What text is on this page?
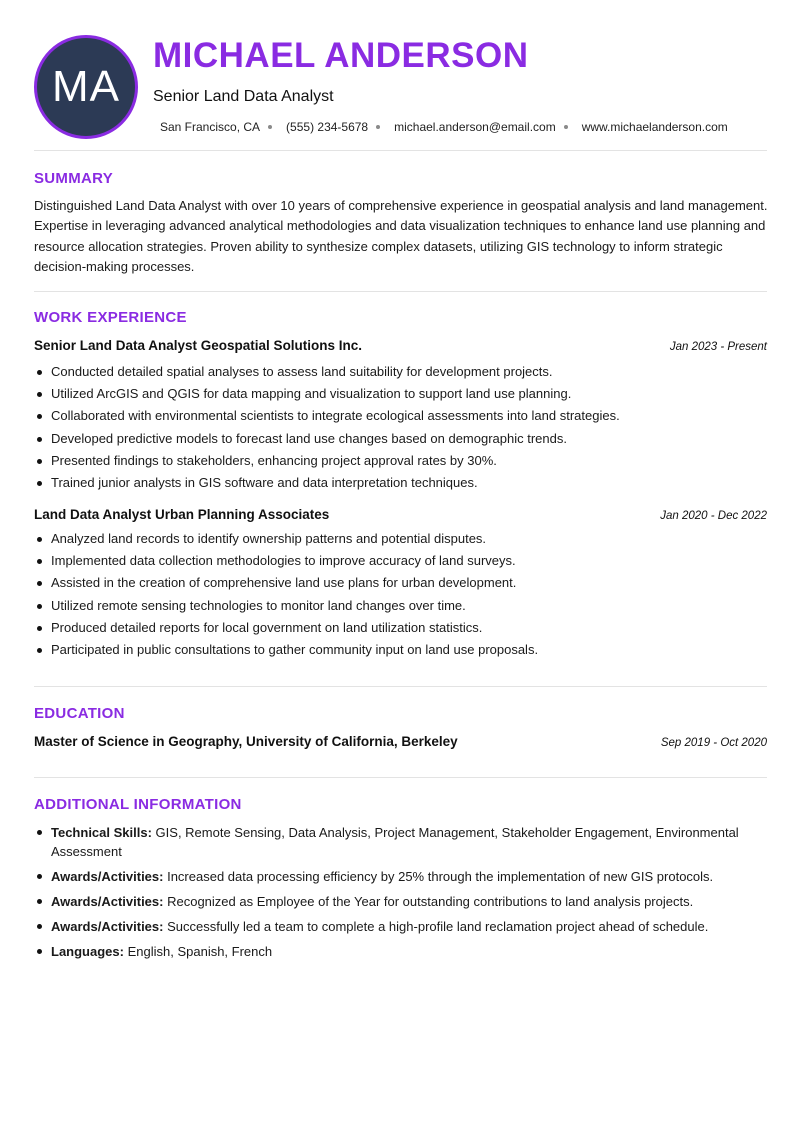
MA
MICHAEL ANDERSON
Senior Land Data Analyst
San Francisco, CA (555) 234-5678 michael.anderson@email.com www.michaelanderson.com
SUMMARY

Distinguished Land Data Analyst with over 10 years of comprehensive experience in geospatial analysis and land management. Expertise in leveraging advanced analytical methodologies and data visualization techniques to enhance land use planning and resource allocation strategies. Proven ability to synthesize complex datasets, utilizing GIS technology to inform strategic decision-making processes.

WORK EXPERIENCE
Senior Land Data Analyst Geospatial Solutions Inc.	Jan 2023 - Present
Conducted detailed spatial analyses to assess land suitability for development projects.
Utilized ArcGIS and QGIS for data mapping and visualization to support land use planning.
Collaborated with environmental scientists to integrate ecological assessments into land strategies.
Developed predictive models to forecast land use changes based on demographic trends.
Presented findings to stakeholders, enhancing project approval rates by 30%.
Trained junior analysts in GIS software and data interpretation techniques.
Land Data Analyst Urban Planning Associates	Jan 2020 - Dec 2022
Analyzed land records to identify ownership patterns and potential disputes.
Implemented data collection methodologies to improve accuracy of land surveys.
Assisted in the creation of comprehensive land use plans for urban development.
Utilized remote sensing technologies to monitor land changes over time.
Produced detailed reports for local government on land utilization statistics.
Participated in public consultations to gather community input on land use proposals.
EDUCATION
Master of Science in Geography, University of California, Berkeley	Sep 2019 - Oct 2020
ADDITIONAL INFORMATION
Technical Skills: GIS, Remote Sensing, Data Analysis, Project Management, Stakeholder Engagement, Environmental Assessment
Awards/Activities: Increased data processing efficiency by 25% through the implementation of new GIS protocols.
Awards/Activities: Recognized as Employee of the Year for outstanding contributions to land analysis projects.
Awards/Activities: Successfully led a team to complete a high-profile land reclamation project ahead of schedule.
Languages: English, Spanish, French
